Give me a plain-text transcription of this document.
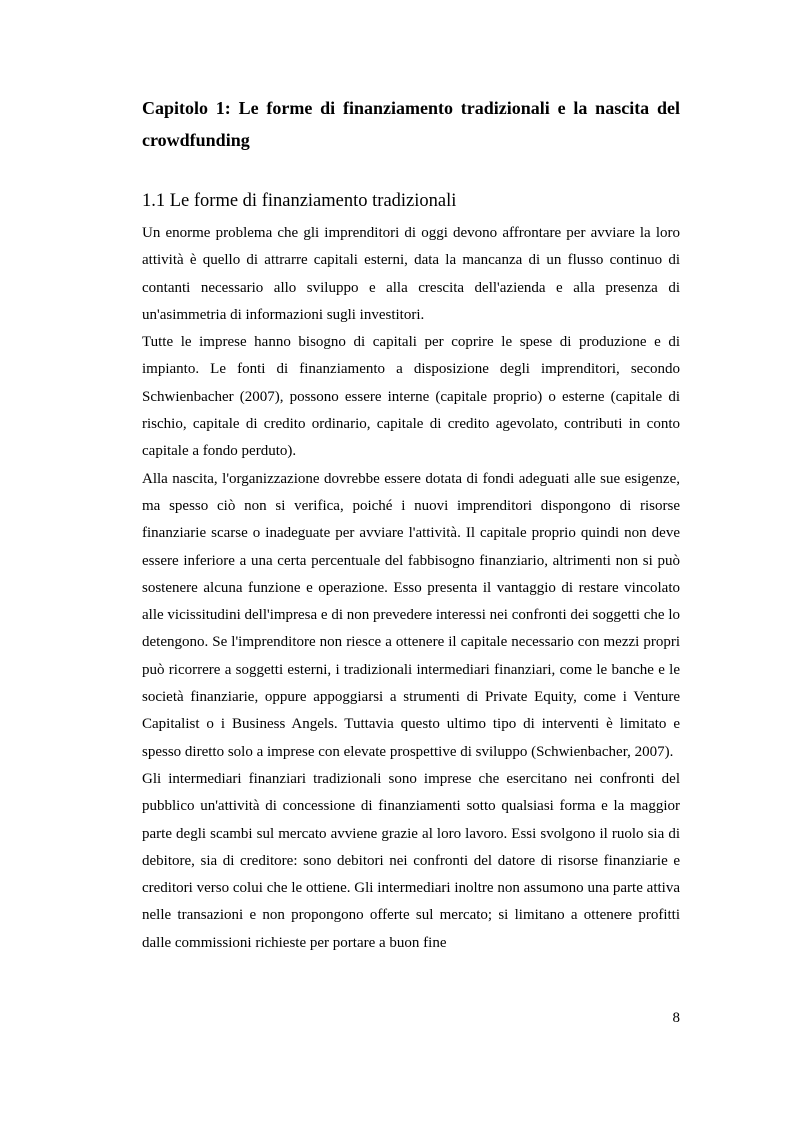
Capitolo 1: Le forme di finanziamento tradizionali e la nascita del crowdfunding
1.1 Le forme di finanziamento tradizionali

Un enorme problema che gli imprenditori di oggi devono affrontare per avviare la loro attività è quello di attrarre capitali esterni, data la mancanza di un flusso continuo di contanti necessario allo sviluppo e alla crescita dell'azienda e alla presenza di un'asimmetria di informazioni sugli investitori.

Tutte le imprese hanno bisogno di capitali per coprire le spese di produzione e di impianto. Le fonti di finanziamento a disposizione degli imprenditori, secondo Schwienbacher (2007), possono essere interne (capitale proprio) o esterne (capitale di rischio, capitale di credito ordinario, capitale di credito agevolato, contributi in conto capitale a fondo perduto).

Alla nascita, l'organizzazione dovrebbe essere dotata di fondi adeguati alle sue esigenze, ma spesso ciò non si verifica, poiché i nuovi imprenditori dispongono di risorse finanziarie scarse o inadeguate per avviare l'attività. Il capitale proprio quindi non deve essere inferiore a una certa percentuale del fabbisogno finanziario, altrimenti non si può sostenere alcuna funzione e operazione. Esso presenta il vantaggio di restare vincolato alle vicissitudini dell'impresa e di non prevedere interessi nei confronti dei soggetti che lo detengono. Se l'imprenditore non riesce a ottenere il capitale necessario con mezzi propri può ricorrere a soggetti esterni, i tradizionali intermediari finanziari, come le banche e le società finanziarie, oppure appoggiarsi a strumenti di Private Equity, come i Venture Capitalist o i Business Angels. Tuttavia questo ultimo tipo di interventi è limitato e spesso diretto solo a imprese con elevate prospettive di sviluppo (Schwienbacher, 2007).

Gli intermediari finanziari tradizionali sono imprese che esercitano nei confronti del pubblico un'attività di concessione di finanziamenti sotto qualsiasi forma e la maggior parte degli scambi sul mercato avviene grazie al loro lavoro. Essi svolgono il ruolo sia di debitore, sia di creditore: sono debitori nei confronti del datore di risorse finanziarie e creditori verso colui che le ottiene. Gli intermediari inoltre non assumono una parte attiva nelle transazioni e non propongono offerte sul mercato; si limitano a ottenere profitti dalle commissioni richieste per portare a buon fine

8
